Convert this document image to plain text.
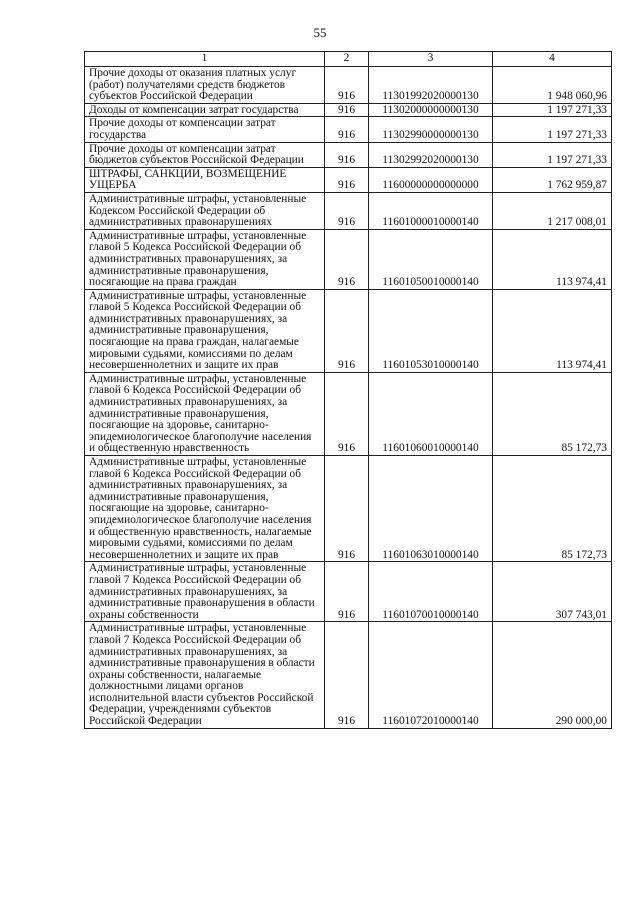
55
1	2	3	4
Прочие доходы от оказания платных услуг (работ) получателями средств бюджетов субъектов Российской Федерации	916	11301992020000130	1 948 060,96
Доходы от компенсации затрат государства	916	11302000000000130	1 197 271,33
Прочие доходы от компенсации затрат государства	916	11302990000000130	1 197 271,33
Прочие доходы от компенсации затрат бюджетов субъектов Российской Федерации	916	11302992020000130	1 197 271,33
ШТРАФЫ, САНКЦИИ, ВОЗМЕЩЕНИЕ УЩЕРБА	916	11600000000000000	1 762 959,87
Административные штрафы, установленные Кодексом Российской Федерации об административных правонарушениях	916	11601000010000140	1 217 008,01
Административные штрафы, установленные главой 5 Кодекса Российской Федерации об административных правонарушениях, за административные правонарушения, посягающие на права граждан	916	11601050010000140	113 974,41
Административные штрафы, установленные главой 5 Кодекса Российской Федерации об административных правонарушениях, за административные правонарушения, посягающие на права граждан, налагаемые мировыми судьями, комиссиями по делам несовершеннолетних и защите их прав	916	11601053010000140	113 974,41
Административные штрафы, установленные главой 6 Кодекса Российской Федерации об административных правонарушениях, за административные правонарушения, посягающие на здоровье, санитарно-эпидемиологическое благополучие населения и общественную нравственность	916	11601060010000140	85 172,73
Административные штрафы, установленные главой 6 Кодекса Российской Федерации об административных правонарушениях, за административные правонарушения, посягающие на здоровье, санитарно-эпидемиологическое благополучие населения и общественную нравственность, налагаемые мировыми судьями, комиссиями по делам несовершеннолетних и защите их прав	916	11601063010000140	85 172,73
Административные штрафы, установленные главой 7 Кодекса Российской Федерации об административных правонарушениях, за административные правонарушения в области охраны собственности	916	11601070010000140	307 743,01
Административные штрафы, установленные главой 7 Кодекса Российской Федерации об административных правонарушениях, за административные правонарушения в области охраны собственности, налагаемые должностными лицами органов исполнительной власти субъектов Российской Федерации, учреждениями субъектов Российской Федерации	916	11601072010000140	290 000,00
